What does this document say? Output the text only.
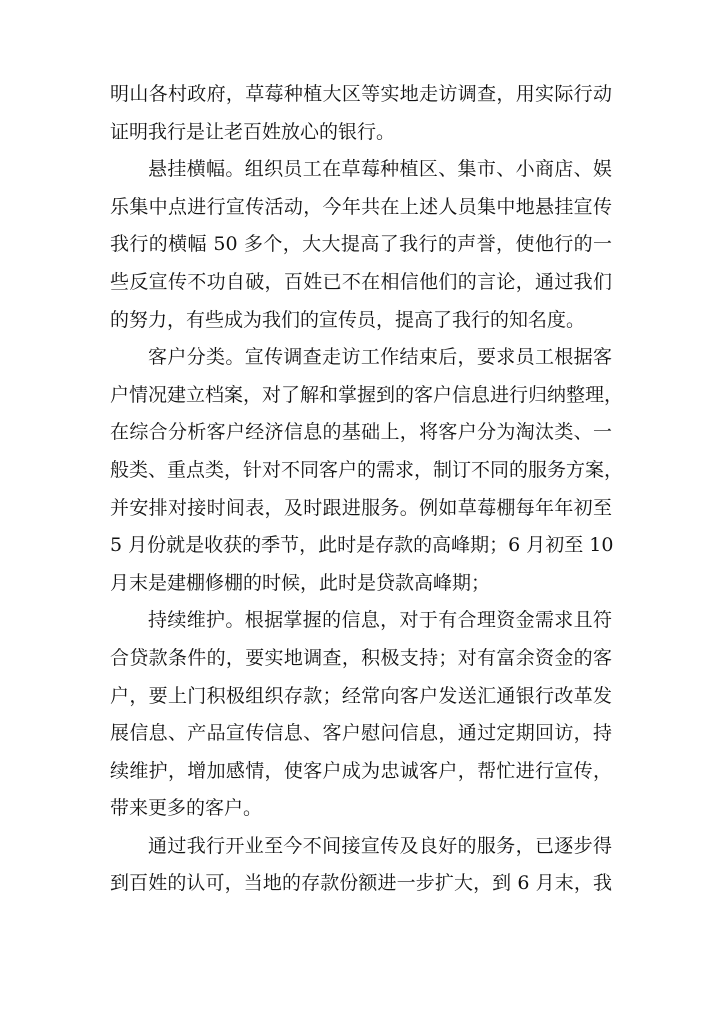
明山各村政府，草莓种植大区等实地走访调查，用实际行动
证明我行是让老百姓放心的银行。
悬挂横幅。组织员工在草莓种植区、集市、小商店、娱
乐集中点进行宣传活动，今年共在上述人员集中地悬挂宣传
我行的横幅 50 多个，大大提高了我行的声誉，使他行的一
些反宣传不功自破，百姓已不在相信他们的言论，通过我们
的努力，有些成为我们的宣传员，提高了我行的知名度。
客户分类。宣传调查走访工作结束后，要求员工根据客
户情况建立档案，对了解和掌握到的客户信息进行归纳整理，
在综合分析客户经济信息的基础上，将客户分为淘汰类、一
般类、重点类，针对不同客户的需求，制订不同的服务方案，
并安排对接时间表，及时跟进服务。例如草莓棚每年年初至
5 月份就是收获的季节，此时是存款的高峰期；6 月初至 10
月末是建棚修棚的时候，此时是贷款高峰期；
持续维护。根据掌握的信息，对于有合理资金需求且符
合贷款条件的，要实地调查，积极支持；对有富余资金的客
户，要上门积极组织存款；经常向客户发送汇通银行改革发
展信息、产品宣传信息、客户慰问信息，通过定期回访，持
续维护，增加感情，使客户成为忠诚客户，帮忙进行宣传，
带来更多的客户。
通过我行开业至今不间接宣传及良好的服务，已逐步得
到百姓的认可，当地的存款份额进一步扩大，到 6 月末，我
